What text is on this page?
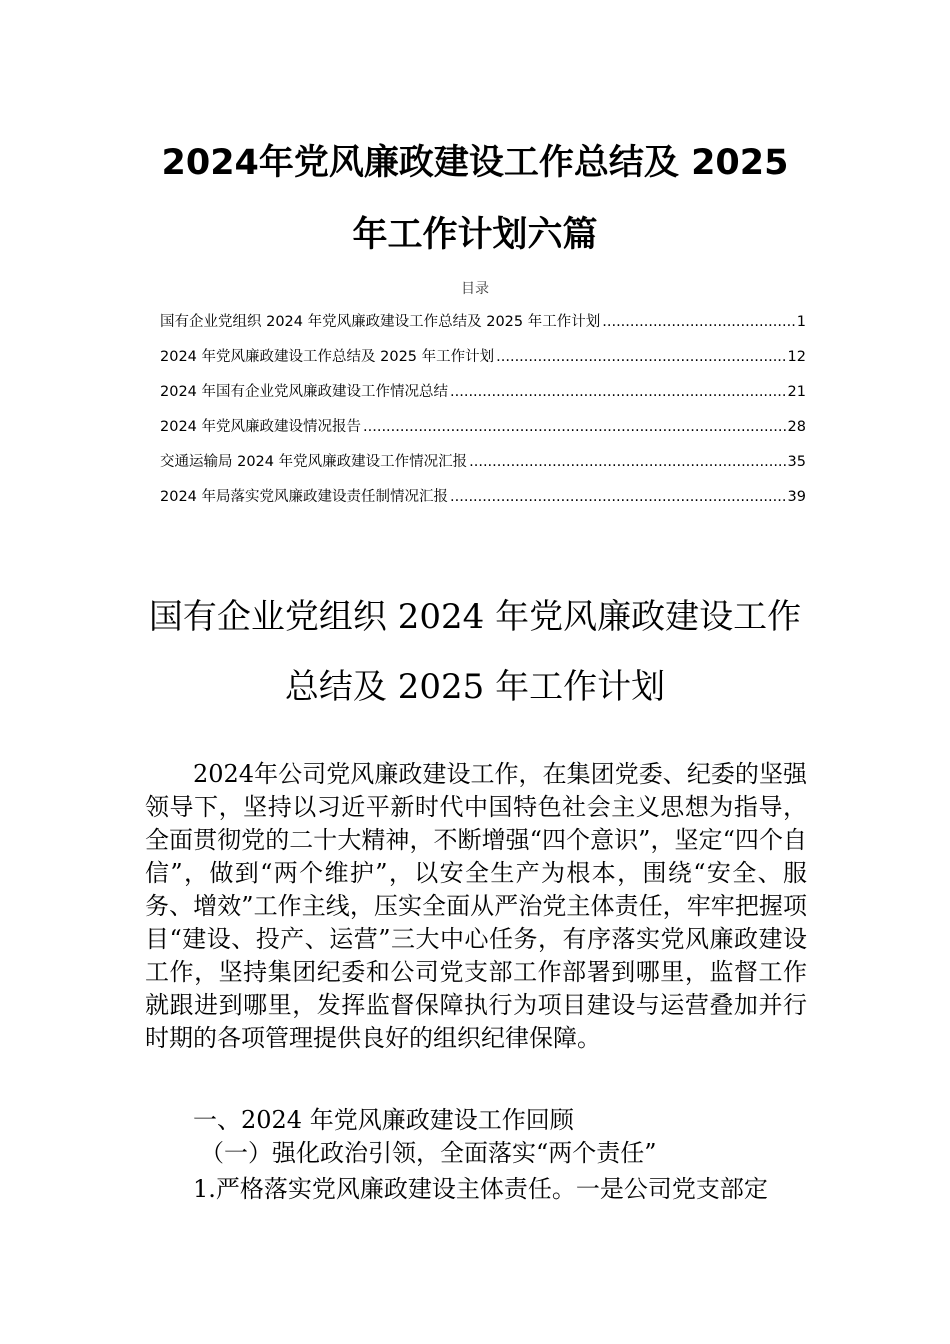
2024年党风廉政建设工作总结及 2025
年工作计划六篇
目录
国有企业党组织 2024 年党风廉政建设工作总结及 2025 年工作计划 .....	1
2024 年党风廉政建设工作总结及 2025 年工作计划 .....	12
2024 年国有企业党风廉政建设工作情况总结 .....	21
2024 年党风廉政建设情况报告 .....	28
交通运输局 2024 年党风廉政建设工作情况汇报 .....	35
2024 年局落实党风廉政建设责任制情况汇报 .....	39
国有企业党组织 2024 年党风廉政建设工作
总结及 2025 年工作计划

2024年公司党风廉政建设工作，在集团党委、纪委的坚强领导下，坚持以习近平新时代中国特色社会主义思想为指导，全面贯彻党的二十大精神，不断增强“四个意识”，坚定“四个自信”，做到“两个维护”，以安全生产为根本，围绕“安全、服务、增效”工作主线，压实全面从严治党主体责任，牢牢把握项目“建设、投产、运营”三大中心任务，有序落实党风廉政建设工作，坚持集团纪委和公司党支部工作部署到哪里，监督工作就跟进到哪里，发挥监督保障执行为项目建设与运营叠加并行时期的各项管理提供良好的组织纪律保障。

一、2024 年党风廉政建设工作回顾
（一）强化政治引领，全面落实“两个责任”
1.严格落实党风廉政建设主体责任。一是公司党支部定
